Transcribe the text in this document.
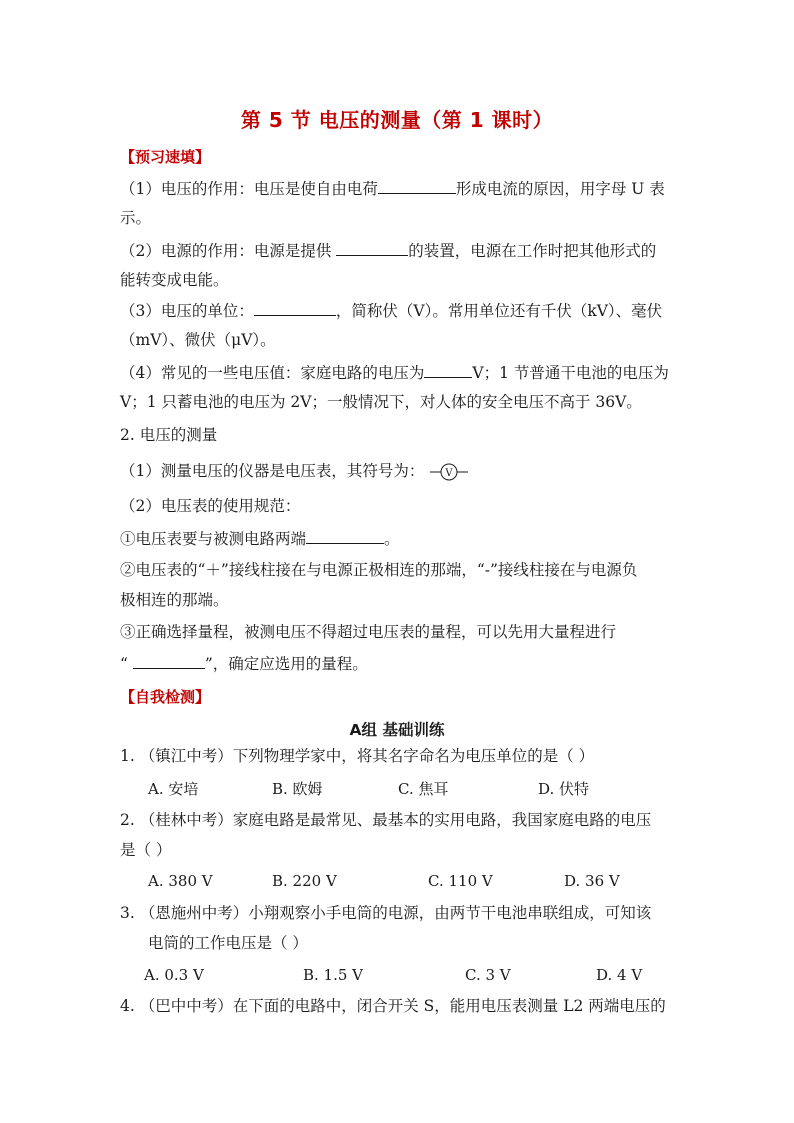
第 5 节 电压的测量（第 1 课时）
【预习速填】
（1）电压的作用：电压是使自由电荷	形成电流的原因，用字母 U 表
示。
（2）电源的作用：电源是提供	的装置，电源在工作时把其他形式的
能转变成电能。
（3）电压的单位：	，简称伏（V）。常用单位还有千伏（kV）、毫伏
（mV）、微伏（μV）。
（4）常见的一些电压值：家庭电路的电压为	V；1 节普通干电池的电压为
V；1 只蓄电池的电压为 2V；一般情况下，对人体的安全电压不高于 36V。
2. 电压的测量
（1）测量电压的仪器是电压表，其符号为： V
（2）电压表的使用规范：
①电压表要与被测电路两端	。
②电压表的“＋”接线柱接在与电源正极相连的那端，“-”接线柱接在与电源负
极相连的那端。
③正确选择量程，被测电压不得超过电压表的量程，可以先用大量程进行
“	”，确定应选用的量程。
【自我检测】
A组 基础训练
1. （镇江中考）下列物理学家中，将其名字命名为电压单位的是（ ）
A. 安培	B. 欧姆	C. 焦耳	D. 伏特
2. （桂林中考）家庭电路是最常见、最基本的实用电路，我国家庭电路的电压
是（ ）
A. 380 V	B. 220 V	C. 110 V	D. 36 V
3. （恩施州中考）小翔观察小手电筒的电源，由两节干电池串联组成，可知该
电筒的工作电压是（ ）
A. 0.3 V	B. 1.5 V	C. 3 V	D. 4 V
4. （巴中中考）在下面的电路中，闭合开关 S，能用电压表测量 L2 两端电压的
